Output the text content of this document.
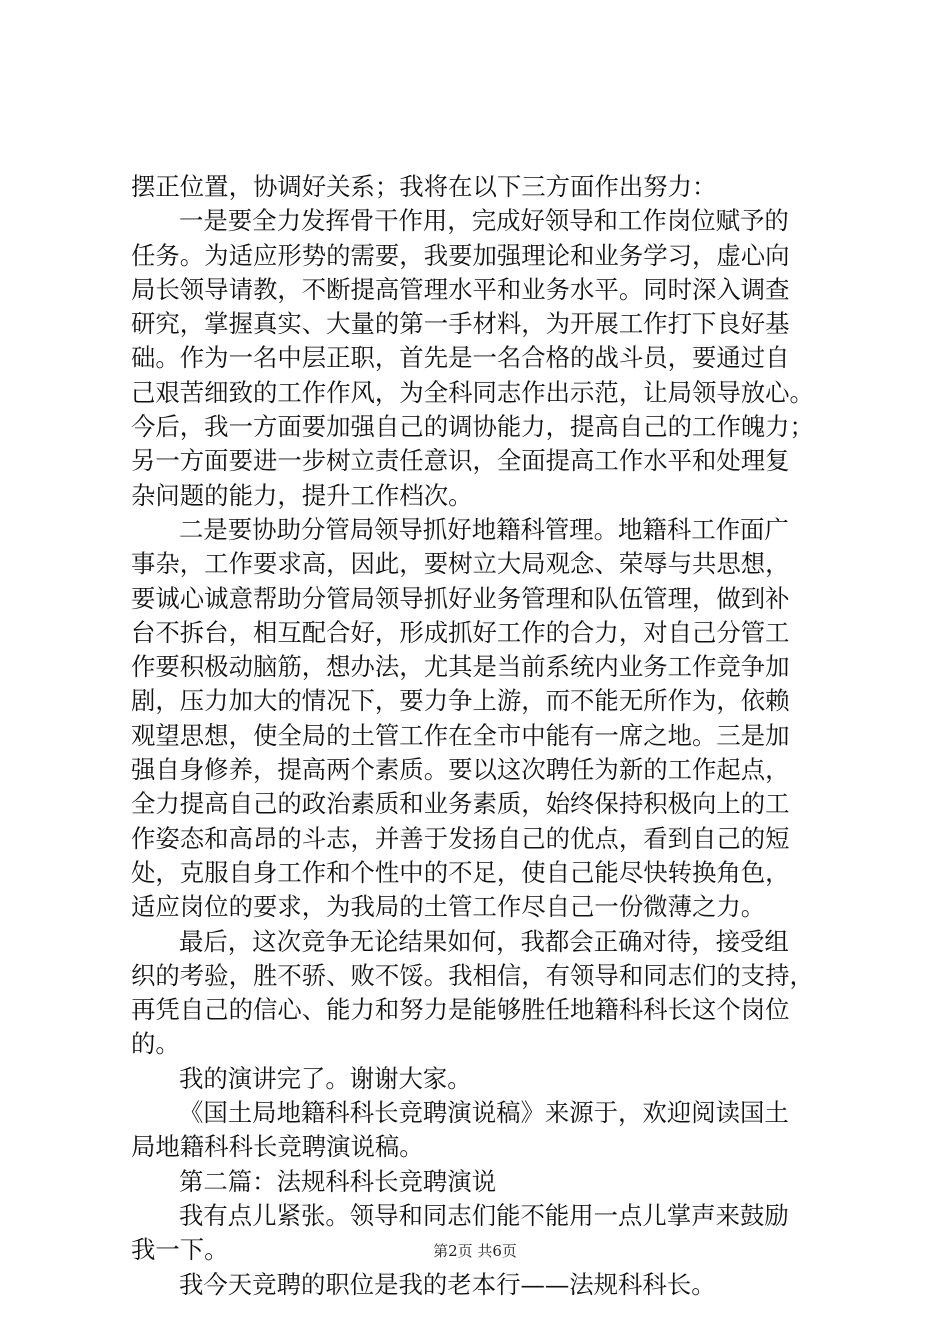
摆正位置，协调好关系；我将在以下三方面作出努力：
一是要全力发挥骨干作用，完成好领导和工作岗位赋予的
任务。为适应形势的需要，我要加强理论和业务学习，虚心向
局长领导请教，不断提高管理水平和业务水平。同时深入调查
研究，掌握真实、大量的第一手材料，为开展工作打下良好基
础。作为一名中层正职，首先是一名合格的战斗员，要通过自
己艰苦细致的工作作风，为全科同志作出示范，让局领导放心。
今后，我一方面要加强自己的调协能力，提高自己的工作魄力；
另一方面要进一步树立责任意识，全面提高工作水平和处理复
杂问题的能力，提升工作档次。
二是要协助分管局领导抓好地籍科管理。地籍科工作面广
事杂，工作要求高，因此，要树立大局观念、荣辱与共思想，
要诚心诚意帮助分管局领导抓好业务管理和队伍管理，做到补
台不拆台，相互配合好，形成抓好工作的合力，对自己分管工
作要积极动脑筋，想办法，尤其是当前系统内业务工作竞争加
剧，压力加大的情况下，要力争上游，而不能无所作为，依赖
观望思想，使全局的土管工作在全市中能有一席之地。三是加
强自身修养，提高两个素质。要以这次聘任为新的工作起点，
全力提高自己的政治素质和业务素质，始终保持积极向上的工
作姿态和高昂的斗志，并善于发扬自己的优点，看到自己的短
处，克服自身工作和个性中的不足，使自己能尽快转换角色，
适应岗位的要求，为我局的土管工作尽自己一份微薄之力。
最后，这次竞争无论结果如何，我都会正确对待，接受组
织的考验，胜不骄、败不馁。我相信，有领导和同志们的支持，
再凭自己的信心、能力和努力是能够胜任地籍科科长这个岗位
的。
我的演讲完了。谢谢大家。
《国土局地籍科科长竞聘演说稿》来源于，欢迎阅读国土
局地籍科科长竞聘演说稿。
第二篇：法规科科长竞聘演说
我有点儿紧张。领导和同志们能不能用一点儿掌声来鼓励
我一下。
我今天竞聘的职位是我的老本行——法规科科长。
第2页 共6页
